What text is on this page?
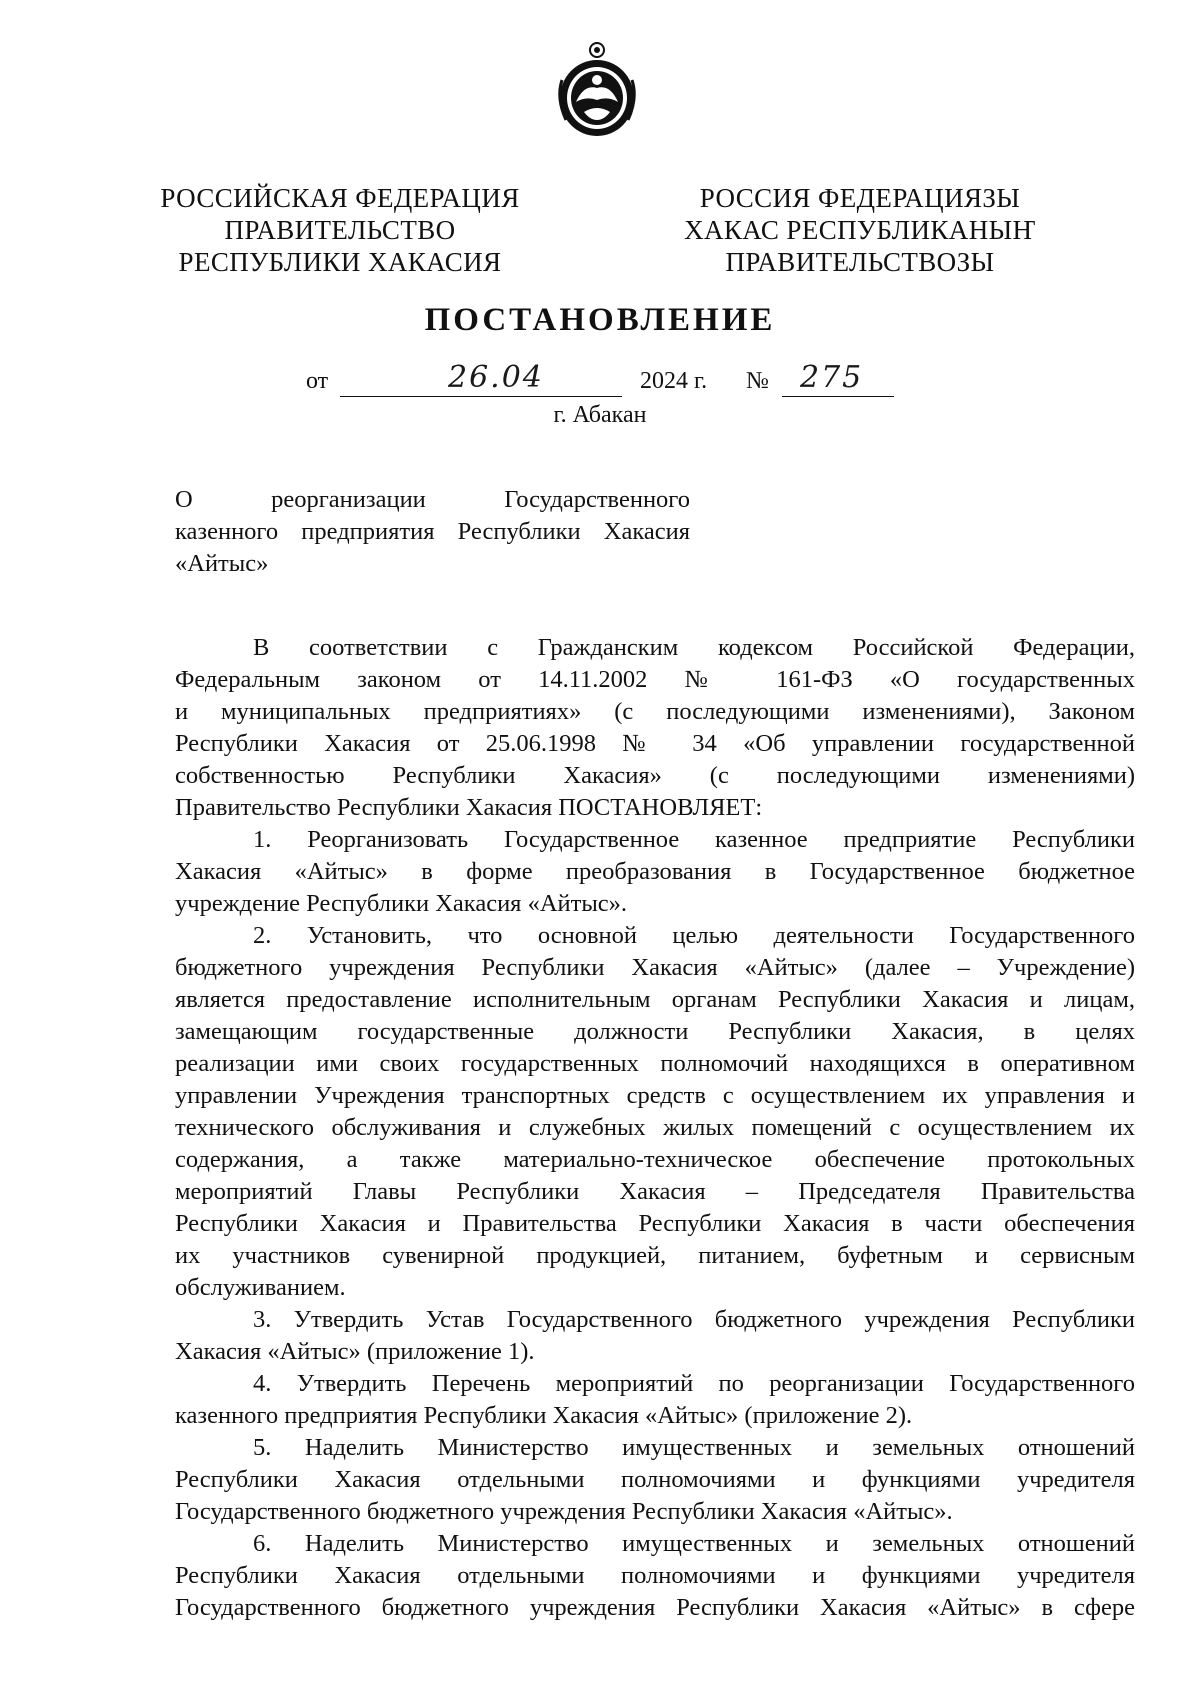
РОССИЙСКАЯ ФЕДЕРАЦИЯ
ПРАВИТЕЛЬСТВО
РЕСПУБЛИКИ ХАКАСИЯ
РОССИЯ ФЕДЕРАЦИЯЗЫ
ХАКАС РЕСПУБЛИКАНЫҤ
ПРАВИТЕЛЬСТВОЗЫ
ПОСТАНОВЛЕНИЕ
от	26.04	2024 г. № 275
г. Абакан
О реорганизации Государственного
казенного предприятия Республики Хакасия
«Айтыс»
В соответствии с Гражданским кодексом Российской Федерации,
Федеральным законом от 14.11.2002 № 161-ФЗ «О государственных
и муниципальных предприятиях» (с последующими изменениями), Законом
Республики Хакасия от 25.06.1998 № 34 «Об управлении государственной
собственностью Республики Хакасия» (с последующими изменениями)
Правительство Республики Хакасия ПОСТАНОВЛЯЕТ:
1. Реорганизовать Государственное казенное предприятие Республики
Хакасия «Айтыс» в форме преобразования в Государственное бюджетное
учреждение Республики Хакасия «Айтыс».
2. Установить, что основной целью деятельности Государственного
бюджетного учреждения Республики Хакасия «Айтыс» (далее – Учреждение)
является предоставление исполнительным органам Республики Хакасия и лицам,
замещающим государственные должности Республики Хакасия, в целях
реализации ими своих государственных полномочий находящихся в оперативном
управлении Учреждения транспортных средств с осуществлением их управления и
технического обслуживания и служебных жилых помещений с осуществлением их
содержания, а также материально-техническое обеспечение протокольных
мероприятий Главы Республики Хакасия – Председателя Правительства
Республики Хакасия и Правительства Республики Хакасия в части обеспечения
их участников сувенирной продукцией, питанием, буфетным и сервисным
обслуживанием.
3. Утвердить Устав Государственного бюджетного учреждения Республики
Хакасия «Айтыс» (приложение 1).
4. Утвердить Перечень мероприятий по реорганизации Государственного
казенного предприятия Республики Хакасия «Айтыс» (приложение 2).
5. Наделить Министерство имущественных и земельных отношений
Республики Хакасия отдельными полномочиями и функциями учредителя
Государственного бюджетного учреждения Республики Хакасия «Айтыс».
6. Наделить Министерство имущественных и земельных отношений
Республики Хакасия отдельными полномочиями и функциями учредителя
Государственного бюджетного учреждения Республики Хакасия «Айтыс» в сфере
